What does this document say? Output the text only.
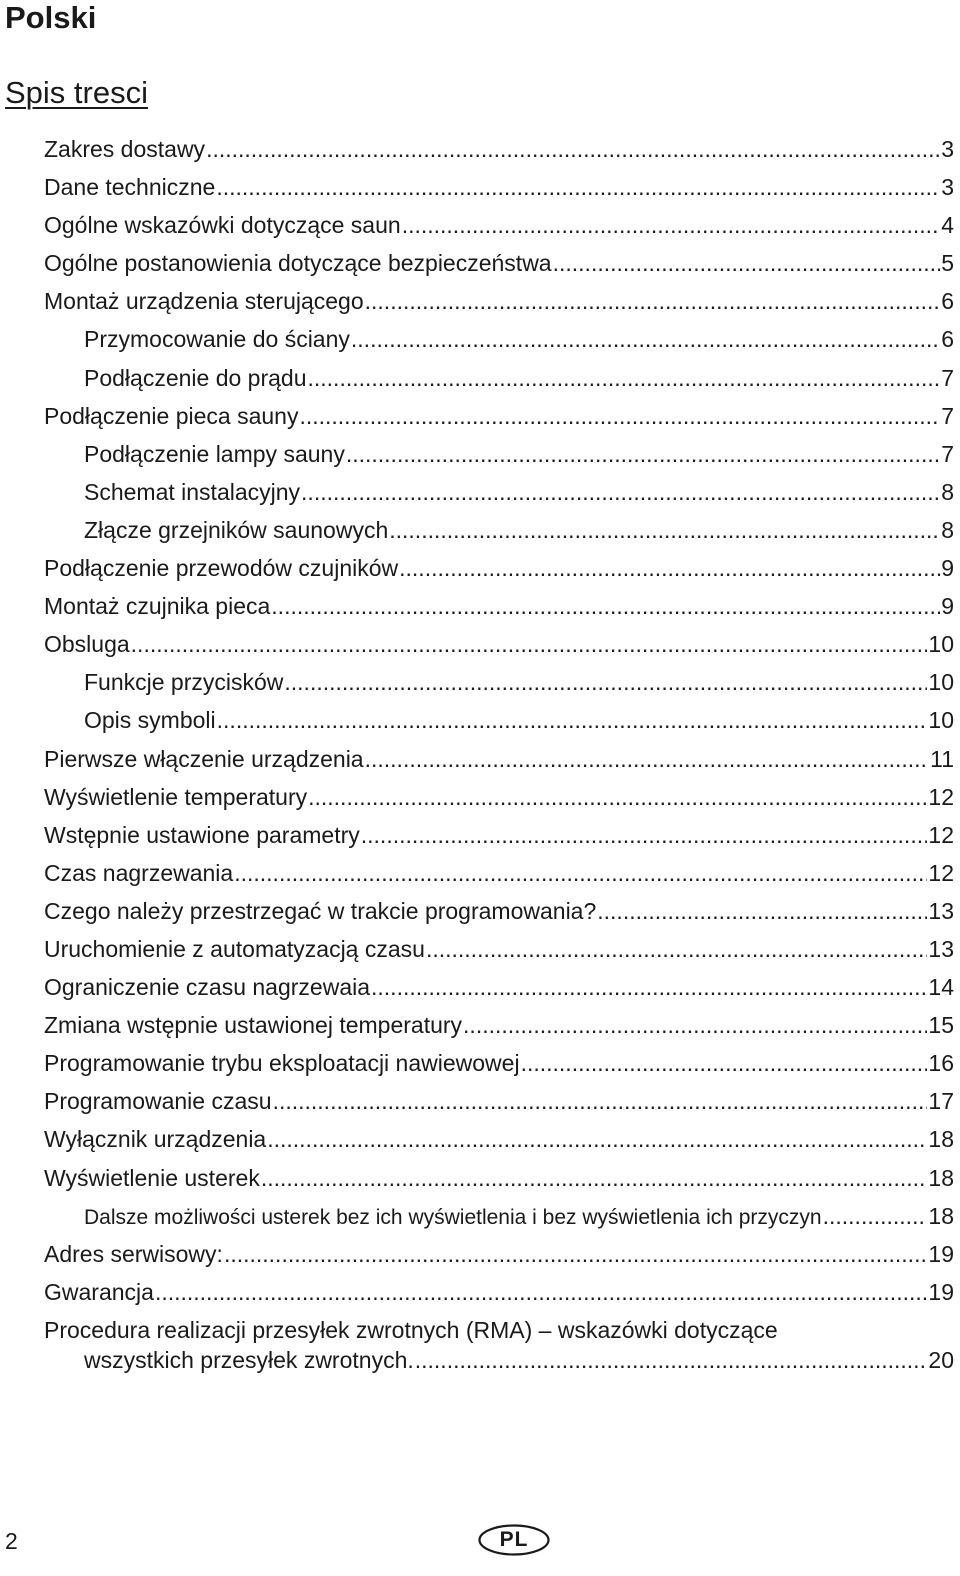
Polski
Spis tresci
Zakres dostawy .....	3
Dane techniczne .....	3
Ogólne wskazówki dotyczące saun .....	4
Ogólne postanowienia dotyczące bezpieczeństwa .....	5
Montaż urządzenia sterującego .....	6
Przymocowanie do ściany .....	6
Podłączenie do prądu .....	7
Podłączenie pieca sauny .....	7
Podłączenie lampy sauny .....	7
Schemat instalacyjny .....	8
Złącze grzejników saunowych .....	8
Podłączenie przewodów czujników .....	9
Montaż czujnika pieca .....	9
Obsluga .....	10
Funkcje przycisków .....	10
Opis symboli .....	10
Pierwsze włączenie urządzenia .....	11
Wyświetlenie temperatury .....	12
Wstępnie ustawione parametry .....	12
Czas nagrzewania .....	12
Czego należy przestrzegać w trakcie programowania? .....	13
Uruchomienie z automatyzacją czasu .....	13
Ograniczenie czasu nagrzewaia .....	14
Zmiana wstępnie ustawionej temperatury .....	15
Programowanie trybu eksploatacji nawiewowej .....	16
Programowanie czasu .....	17
Wyłącznik urządzenia .....	18
Wyświetlenie usterek .....	18
Dalsze możliwości usterek bez ich wyświetlenia i bez wyświetlenia ich przyczyn .....	18
Adres serwisowy: .....	19
Gwarancja .....	19
Procedura realizacji przesyłek zwrotnych (RMA) – wskazówki dotyczące
wszystkich przesyłek zwrotnych. .....	20
2	PL
